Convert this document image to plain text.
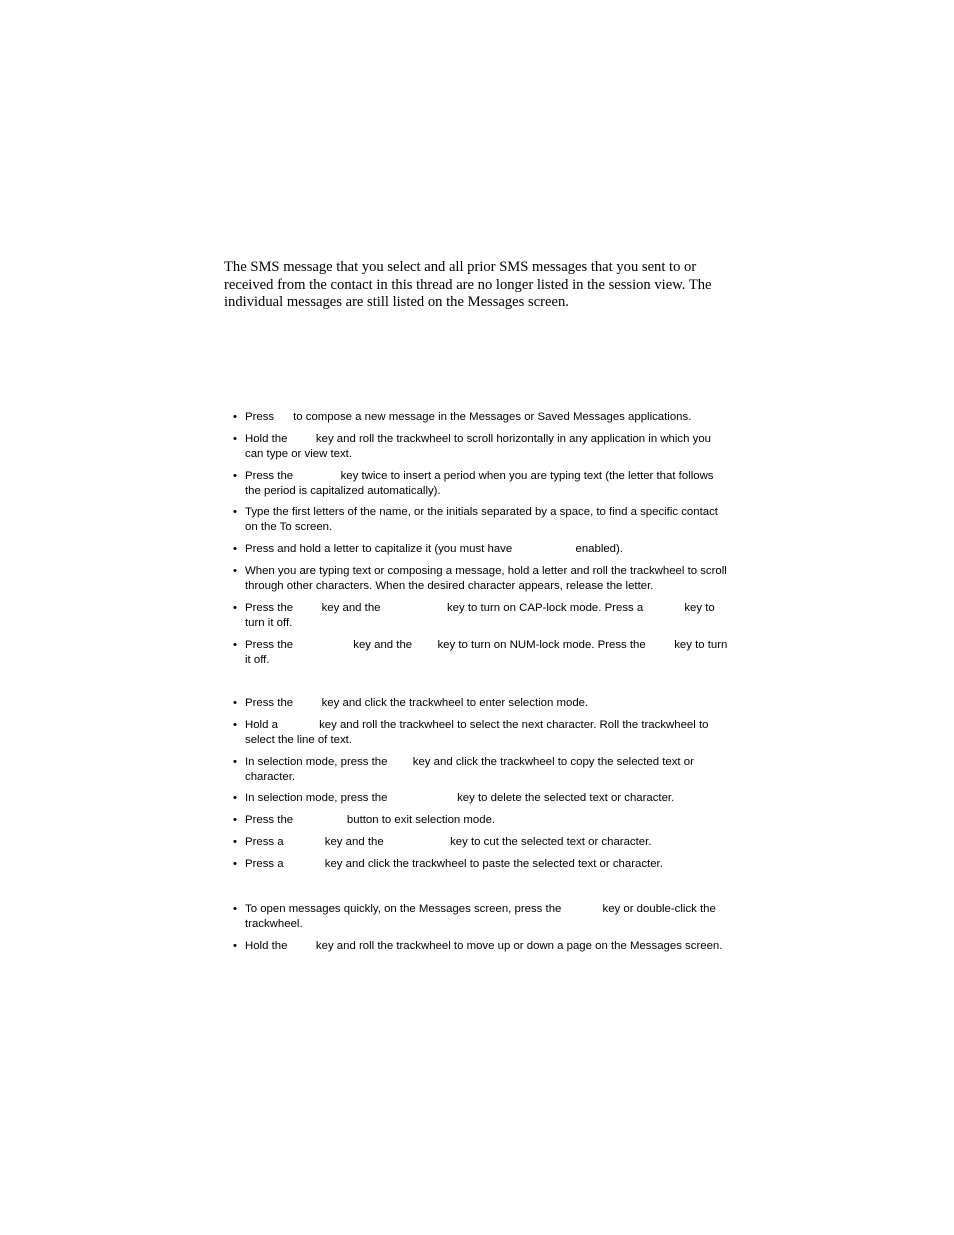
The SMS message that you select and all prior SMS messages that you sent to or received from the contact in this thread are no longer listed in the session view. The individual messages are still listed on the Messages screen.

• Press      to compose a new message in the Messages or Saved Messages applications.
• Hold the         key and roll the trackwheel to scroll horizontally in any application in which you can type or view text.
• Press the               key twice to insert a period when you are typing text (the letter that follows the period is capitalized automatically).
• Type the first letters of the name, or the initials separated by a space, to find a specific contact on the To screen.
• Press and hold a letter to capitalize it (you must have                    enabled).
• When you are typing text or composing a message, hold a letter and roll the trackwheel to scroll through other characters. When the desired character appears, release the letter.
• Press the         key and the                     key to turn on CAP-lock mode. Press a             key to turn it off.
• Press the                   key and the        key to turn on NUM-lock mode. Press the         key to turn it off.
• Press the         key and click the trackwheel to enter selection mode.
• Hold a             key and roll the trackwheel to select the next character. Roll the trackwheel to select the line of text.
• In selection mode, press the        key and click the trackwheel to copy the selected text or character.
• In selection mode, press the                      key to delete the selected text or character.
• Press the                 button to exit selection mode.
• Press a             key and the                     key to cut the selected text or character.
• Press a             key and click the trackwheel to paste the selected text or character.
• To open messages quickly, on the Messages screen, press the             key or double-click the trackwheel.
• Hold the         key and roll the trackwheel to move up or down a page on the Messages screen.
